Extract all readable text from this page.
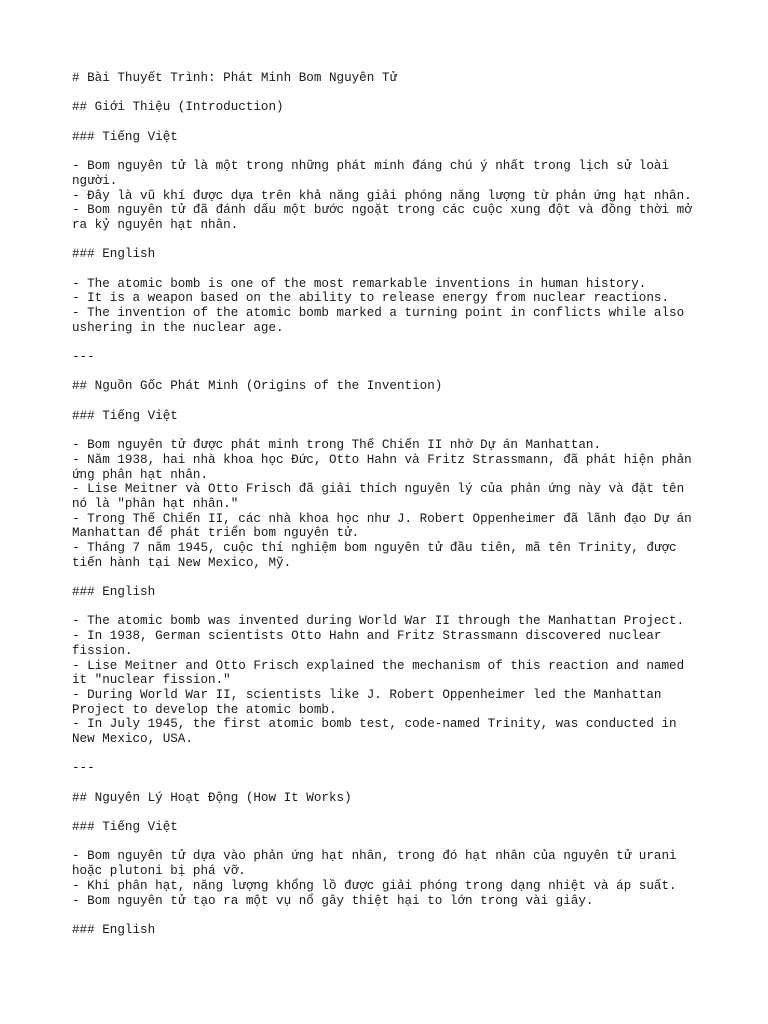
# Bài Thuyết Trình: Phát Minh Bom Nguyên Tử
## Giới Thiệu (Introduction)
### Tiếng Việt
- Bom nguyên tử là một trong những phát minh đáng chú ý nhất trong lịch sử loài
người.
- Đây là vũ khí được dựa trên khả năng giải phóng năng lượng từ phản ứng hạt nhân.
- Bom nguyên tử đã đánh dấu một bước ngoặt trong các cuộc xung đột và đồng thời mở
ra kỷ nguyên hạt nhân.
### English
- The atomic bomb is one of the most remarkable inventions in human history.
- It is a weapon based on the ability to release energy from nuclear reactions.
- The invention of the atomic bomb marked a turning point in conflicts while also
ushering in the nuclear age.
---
## Nguồn Gốc Phát Minh (Origins of the Invention)
### Tiếng Việt
- Bom nguyên tử được phát minh trong Thế Chiến II nhờ Dự án Manhattan.
- Năm 1938, hai nhà khoa học Đức, Otto Hahn và Fritz Strassmann, đã phát hiện phản
ứng phân hạt nhân.
- Lise Meitner và Otto Frisch đã giải thích nguyên lý của phản ứng này và đặt tên
nó là "phân hạt nhân."
- Trong Thế Chiến II, các nhà khoa học như J. Robert Oppenheimer đã lãnh đạo Dự án
Manhattan để phát triển bom nguyên tử.
- Tháng 7 năm 1945, cuộc thí nghiệm bom nguyên tử đầu tiên, mã tên Trinity, được
tiến hành tại New Mexico, Mỹ.
### English
- The atomic bomb was invented during World War II through the Manhattan Project.
- In 1938, German scientists Otto Hahn and Fritz Strassmann discovered nuclear
fission.
- Lise Meitner and Otto Frisch explained the mechanism of this reaction and named
it "nuclear fission."
- During World War II, scientists like J. Robert Oppenheimer led the Manhattan
Project to develop the atomic bomb.
- In July 1945, the first atomic bomb test, code-named Trinity, was conducted in
New Mexico, USA.
---
## Nguyên Lý Hoạt Động (How It Works)
### Tiếng Việt
- Bom nguyên tử dựa vào phản ứng hạt nhân, trong đó hạt nhân của nguyên tử urani
hoặc plutoni bị phá vỡ.
- Khi phân hạt, năng lượng khổng lồ được giải phóng trong dạng nhiệt và áp suất.
- Bom nguyên tử tạo ra một vụ nổ gây thiệt hại to lớn trong vài giây.
### English
